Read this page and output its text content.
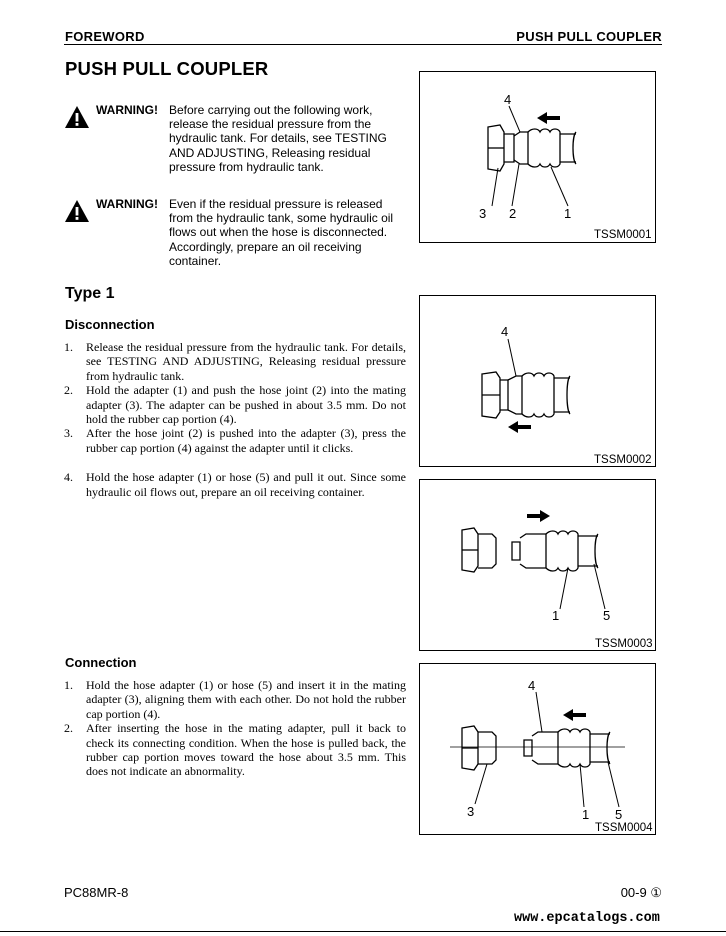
FOREWORD	PUSH PULL COUPLER
PUSH PULL COUPLER
WARNING! Before carrying out the following work, release the residual pressure from the hydraulic tank. For details, see TESTING AND ADJUSTING, Releasing residual pressure from hydraulic tank.
WARNING! Even if the residual pressure is released from the hydraulic tank, some hydraulic oil flows out when the hose is disconnected. Accordingly, prepare an oil receiving container.
Type 1
Disconnection
1. Release the residual pressure from the hydraulic tank. For details, see TESTING AND ADJUSTING, Releasing residual pressure from hydraulic tank.
2. Hold the adapter (1) and push the hose joint (2) into the mating adapter (3). The adapter can be pushed in about 3.5 mm. Do not hold the rubber cap portion (4).
3. After the hose joint (2) is pushed into the adapter (3), press the rubber cap portion (4) against the adapter until it clicks.
4. Hold the hose adapter (1) or hose (5) and pull it out. Since some hydraulic oil flows out, prepare an oil receiving container.
Connection
1. Hold the hose adapter (1) or hose (5) and insert it in the mating adapter (3), aligning them with each other. Do not hold the rubber cap portion (4).
2. After inserting the hose in the mating adapter, pull it back to check its connecting condition. When the hose is pulled back, the rubber cap portion moves toward the hose about 3.5 mm. This does not indicate an abnormality.
4
3 2	1
TSSM0001
4
TSSM0002
1	5
TSSM0003
4
3	1 5
TSSM0004
PC88MR-8	00-9 ①
www.epcatalogs.com
